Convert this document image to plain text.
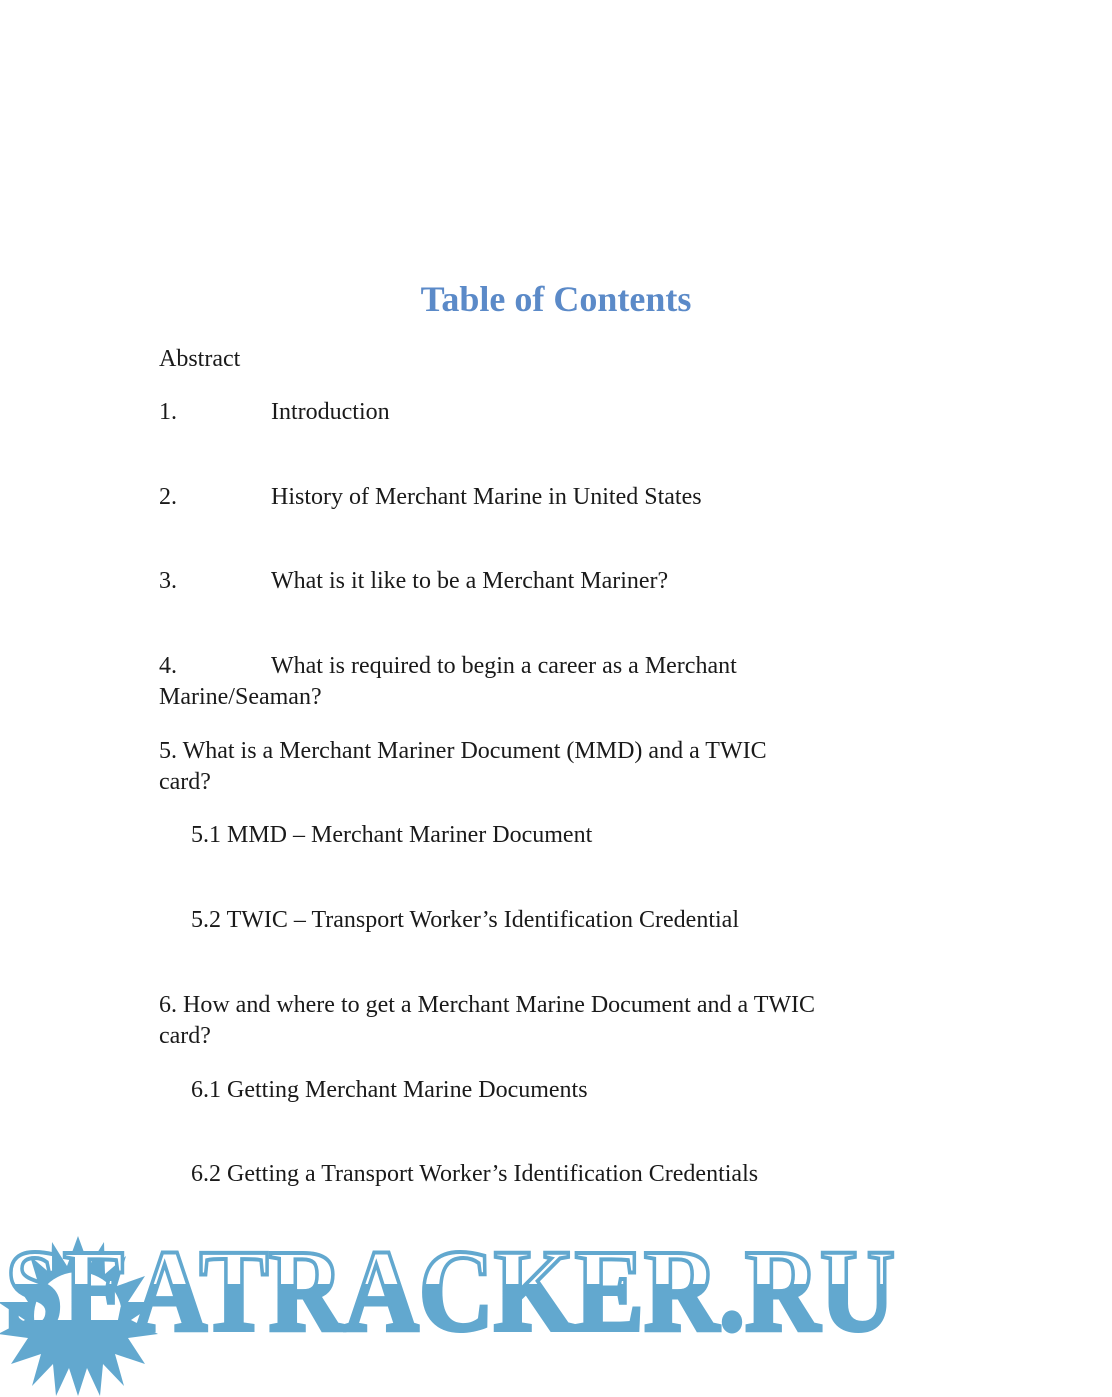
Table of Contents

Abstract

1.	Introduction

2.	History of Merchant Marine in United States

3.	What is it like to be a Merchant Mariner?

4.	What is required to begin a career as a Merchant
Marine/Seaman?

5. What is a Merchant Mariner Document (MMD) and a TWIC
card?

5.1 MMD – Merchant Mariner Document

5.2 TWIC – Transport Worker’s Identification Credential

6. How and where to get a Merchant Marine Document and a TWIC
card?

6.1 Getting Merchant Marine Documents

6.2 Getting a Transport Worker’s Identification Credentials

SEATRACKER.RU
